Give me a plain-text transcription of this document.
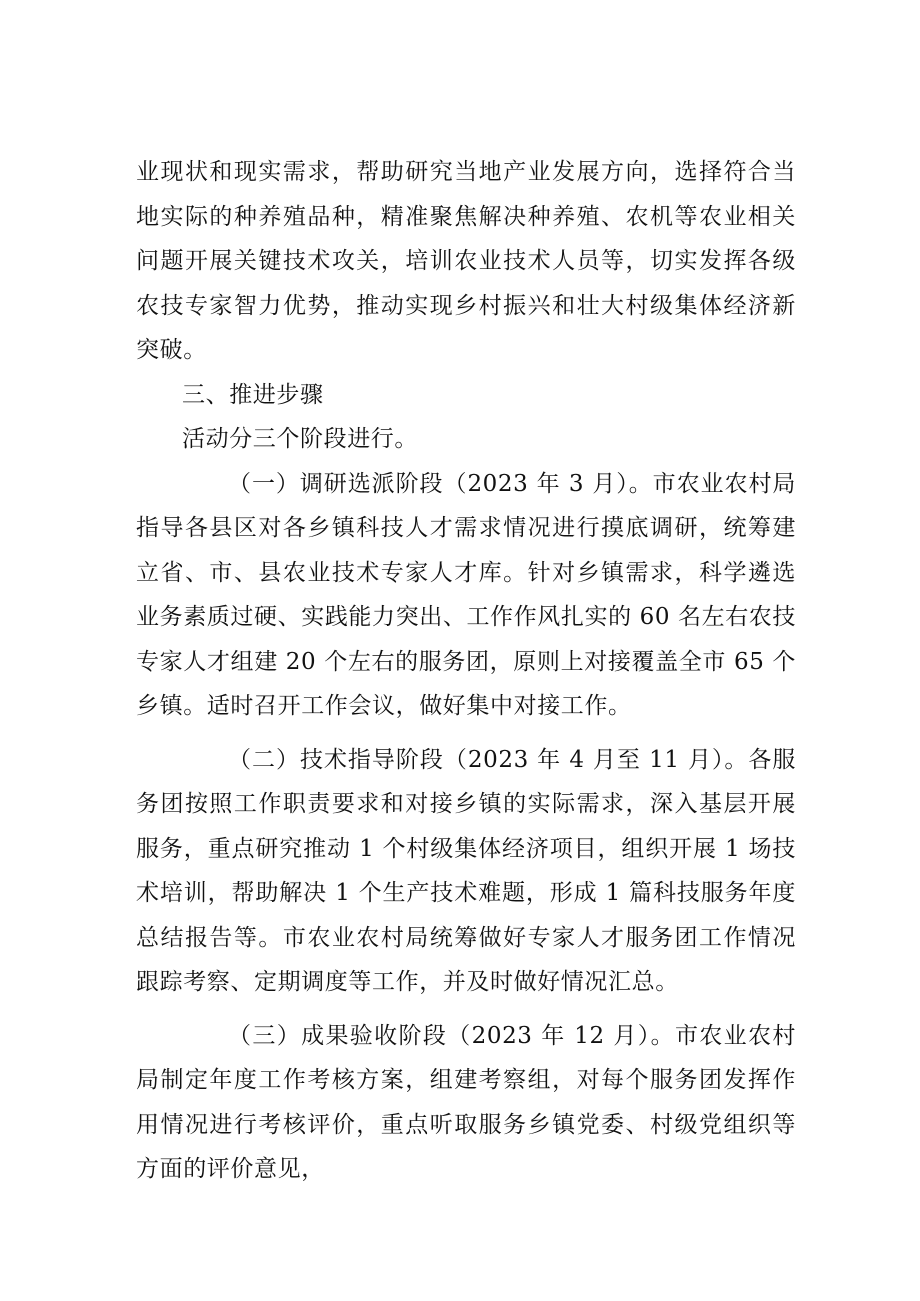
业现状和现实需求，帮助研究当地产业发展方向，选择符合当地实际的种养殖品种，精准聚焦解决种养殖、农机等农业相关问题开展关键技术攻关，培训农业技术人员等，切实发挥各级农技专家智力优势，推动实现乡村振兴和壮大村级集体经济新突破。

三、推进步骤

活动分三个阶段进行。

（一）调研选派阶段（2023 年 3 月）。市农业农村局指导各县区对各乡镇科技人才需求情况进行摸底调研，统筹建立省、市、县农业技术专家人才库。针对乡镇需求，科学遴选业务素质过硬、实践能力突出、工作作风扎实的 60 名左右农技专家人才组建 20 个左右的服务团，原则上对接覆盖全市 65 个乡镇。适时召开工作会议，做好集中对接工作。

（二）技术指导阶段（2023 年 4 月至 11 月）。各服务团按照工作职责要求和对接乡镇的实际需求，深入基层开展服务，重点研究推动 1 个村级集体经济项目，组织开展 1 场技术培训，帮助解决 1 个生产技术难题，形成 1 篇科技服务年度总结报告等。市农业农村局统筹做好专家人才服务团工作情况跟踪考察、定期调度等工作，并及时做好情况汇总。

（三）成果验收阶段（2023 年 12 月）。市农业农村局制定年度工作考核方案，组建考察组，对每个服务团发挥作用情况进行考核评价，重点听取服务乡镇党委、村级党组织等方面的评价意见，
